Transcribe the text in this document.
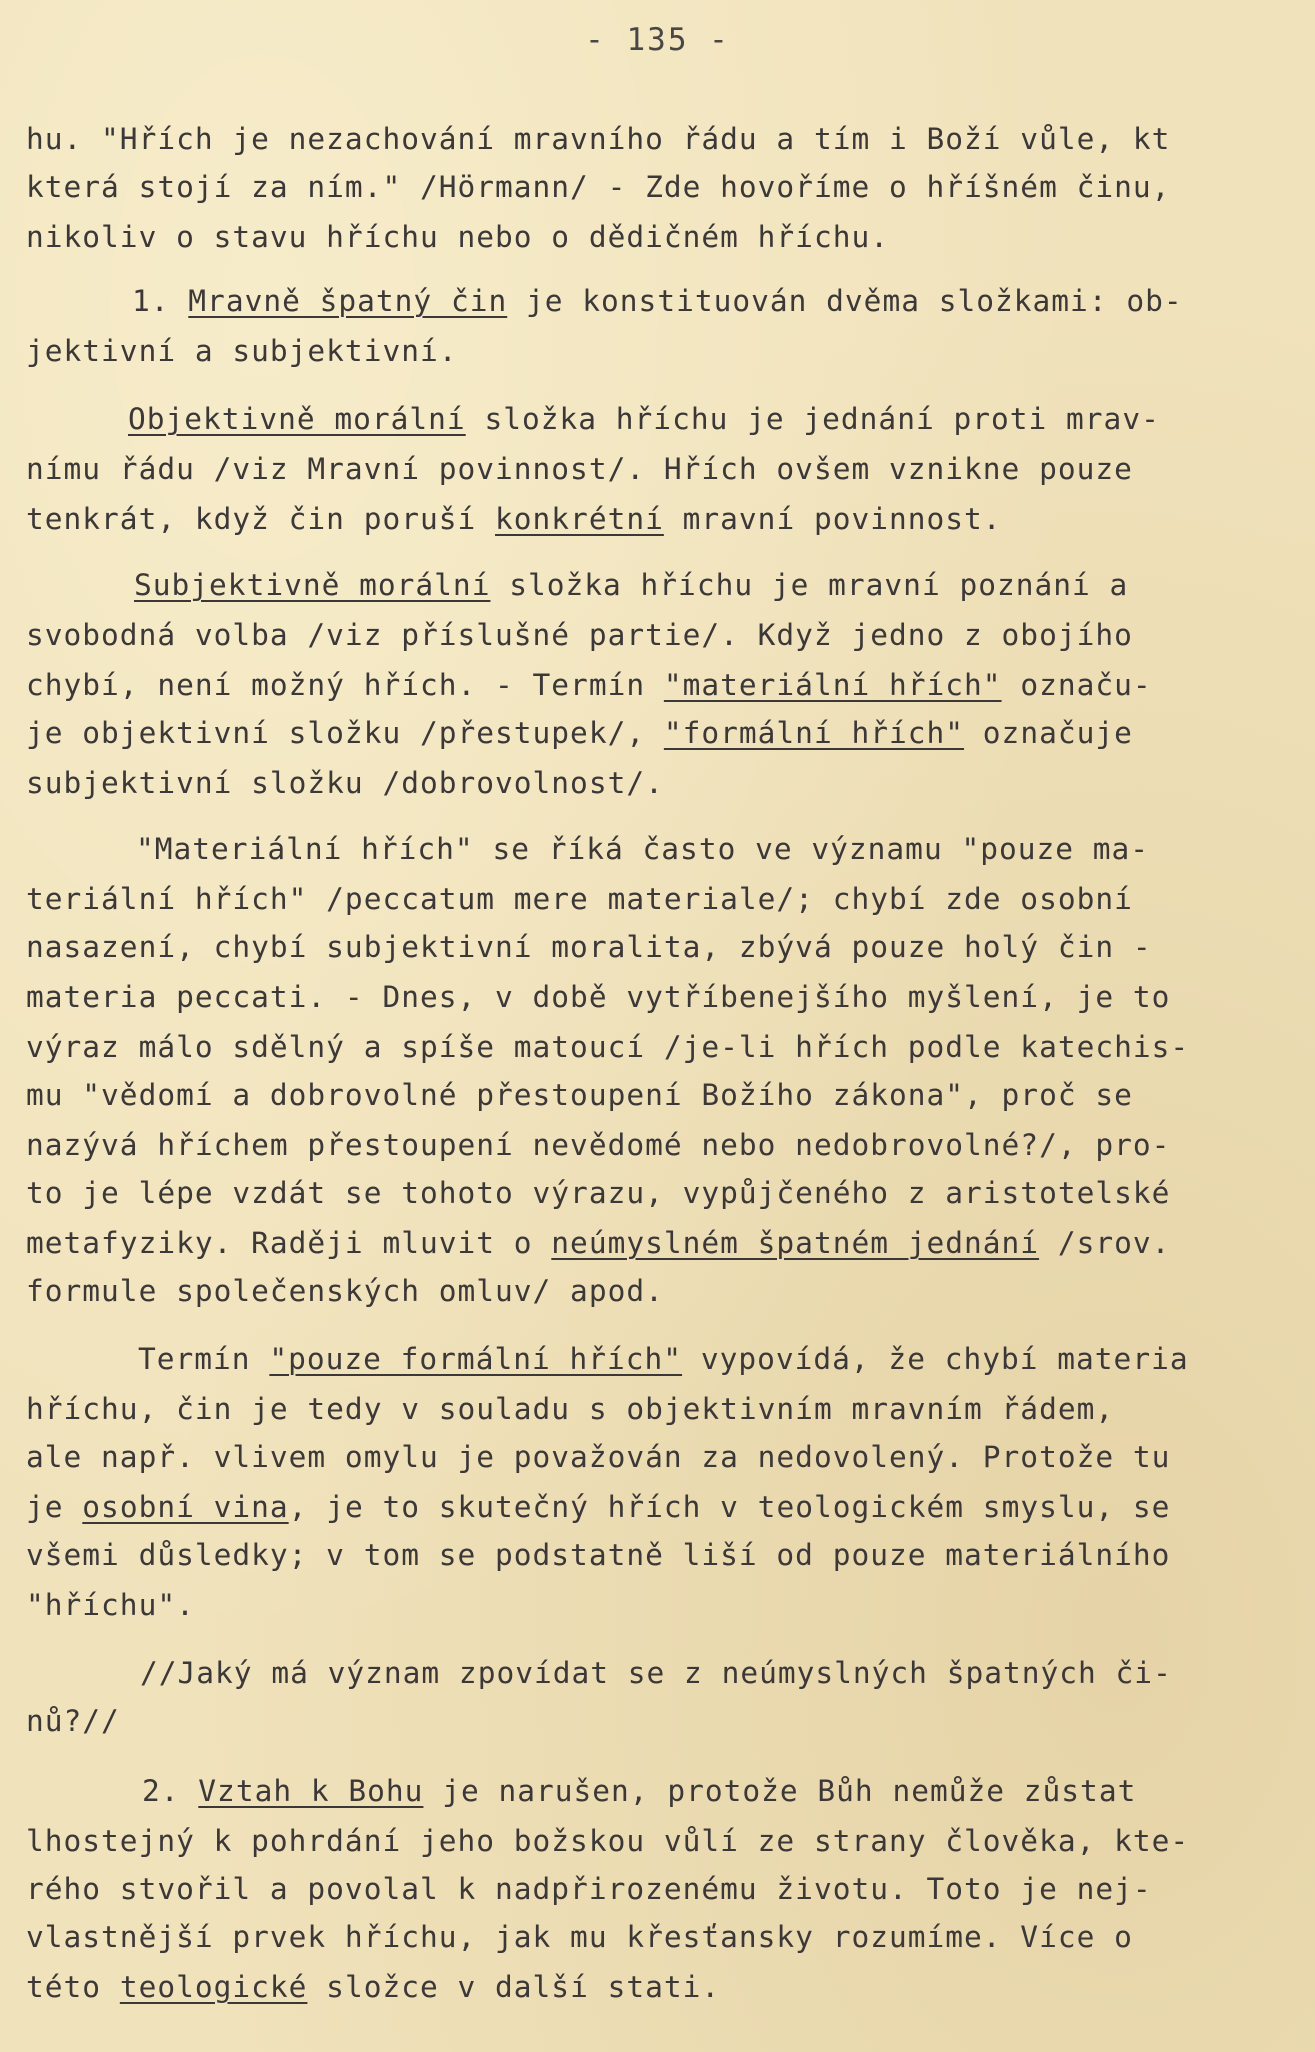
- 135 -
hu. "Hřích je nezachování mravního řádu a tím i Boží vůle, kt
která stojí za ním." /Hörmann/ - Zde hovoříme o hříšném činu,
nikoliv o stavu hříchu nebo o dědičném hříchu.
1. Mravně špatný čin je konstituován dvěma složkami: ob-
jektivní a subjektivní.
Objektivně morální složka hříchu je jednání proti mrav-
nímu řádu /viz Mravní povinnost/. Hřích ovšem vznikne pouze
tenkrát, když čin poruší konkrétní mravní povinnost.
Subjektivně morální složka hříchu je mravní poznání a
svobodná volba /viz příslušné partie/. Když jedno z obojího
chybí, není možný hřích. - Termín "materiální hřích" označu-
je objektivní složku /přestupek/, "formální hřích" označuje
subjektivní složku /dobrovolnost/.
"Materiální hřích" se říká často ve významu "pouze ma-
teriální hřích" /peccatum mere materiale/; chybí zde osobní
nasazení, chybí subjektivní moralita, zbývá pouze holý čin -
materia peccati. - Dnes, v době vytříbenejšího myšlení, je to
výraz málo sdělný a spíše matoucí /je-li hřích podle katechis-
mu "vědomí a dobrovolné přestoupení Božího zákona", proč se
nazývá hříchem přestoupení nevědomé nebo nedobrovolné?/, pro-
to je lépe vzdát se tohoto výrazu, vypůjčeného z aristotelské
metafyziky. Raději mluvit o neúmyslném špatném jednání /srov.
formule společenských omluv/ apod.
Termín "pouze formální hřích" vypovídá, že chybí materia
hříchu, čin je tedy v souladu s objektivním mravním řádem,
ale např. vlivem omylu je považován za nedovolený. Protože tu
je osobní vina, je to skutečný hřích v teologickém smyslu, se
všemi důsledky; v tom se podstatně liší od pouze materiálního
"hříchu".
//Jaký má význam zpovídat se z neúmyslných špatných či-
nů?//
2. Vztah k Bohu je narušen, protože Bůh nemůže zůstat
lhostejný k pohrdání jeho božskou vůlí ze strany člověka, kte-
rého stvořil a povolal k nadpřirozenému životu. Toto je nej-
vlastnější prvek hříchu, jak mu křesťansky rozumíme. Více o
této teologické složce v další stati.
